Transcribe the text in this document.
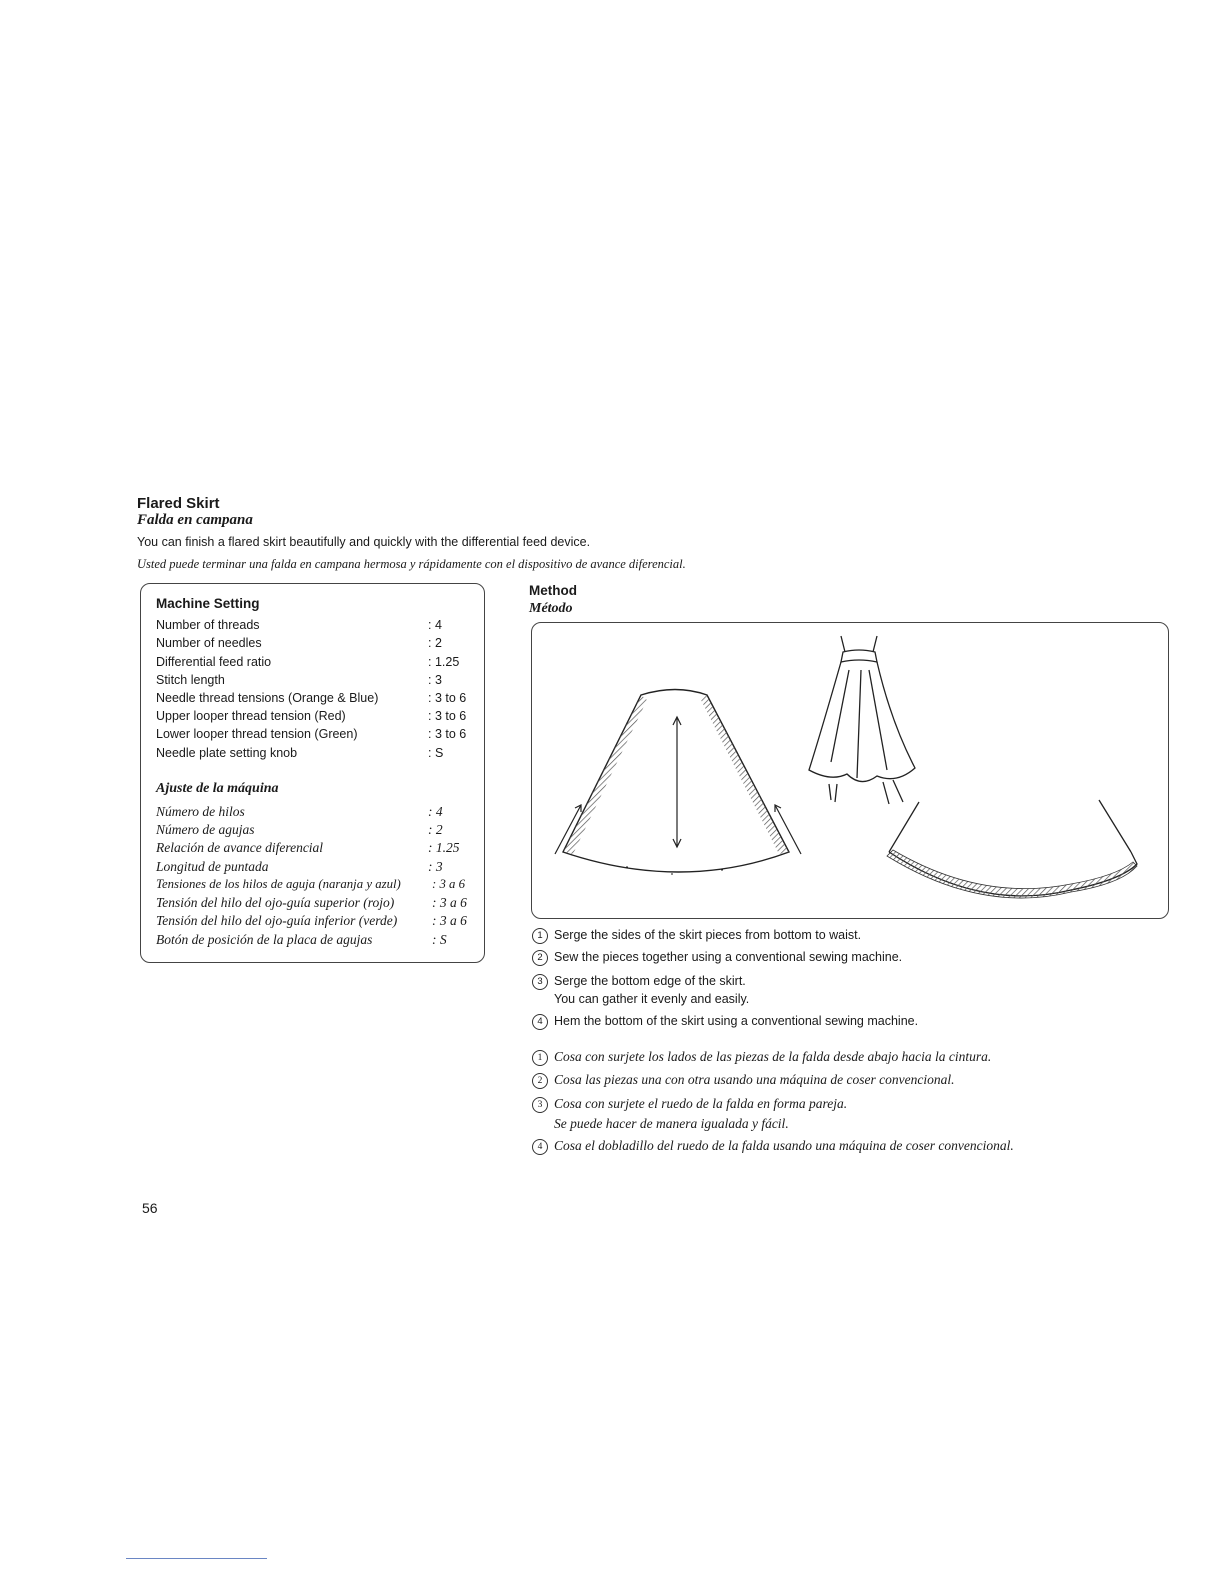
Flared Skirt
Falda en campana
You can finish a flared skirt beautifully and quickly with the differential feed device.
Usted puede terminar una falda en campana hermosa y rápidamente con el dispositivo de avance diferencial.
Machine Setting
Number of threads	: 4
Number of needles	: 2
Differential feed ratio	: 1.25
Stitch length	: 3
Needle thread tensions (Orange & Blue)	: 3 to 6
Upper looper thread tension (Red)	: 3 to 6
Lower looper thread tension (Green)	: 3 to 6
Needle plate setting knob	: S
Ajuste de la máquina
Número de hilos	: 4
Número de agujas	: 2
Relación de avance diferencial	: 1.25
Longitud de puntada	: 3
Tensiones de los hilos de aguja (naranja y azul) : 3 a 6
Tensión del hilo del ojo-guía superior (rojo)	: 3 a 6
Tensión del hilo del ojo-guía inferior (verde)	: 3 a 6
Botón de posición de la placa de agujas	: S
Method
Método
1 Serge the sides of the skirt pieces from bottom to waist.
2 Sew the pieces together using a conventional sewing machine.
3 Serge the bottom edge of the skirt.
You can gather it evenly and easily.
4 Hem the bottom of the skirt using a conventional sewing machine.
1 Cosa con surjete los lados de las piezas de la falda desde abajo hacia la cintura.
2 Cosa las piezas una con otra usando una máquina de coser convencional.
3 Cosa con surjete el ruedo de la falda en forma pareja.
Se puede hacer de manera igualada y fácil.
4 Cosa el dobladillo del ruedo de la falda usando una máquina de coser convencional.
56
